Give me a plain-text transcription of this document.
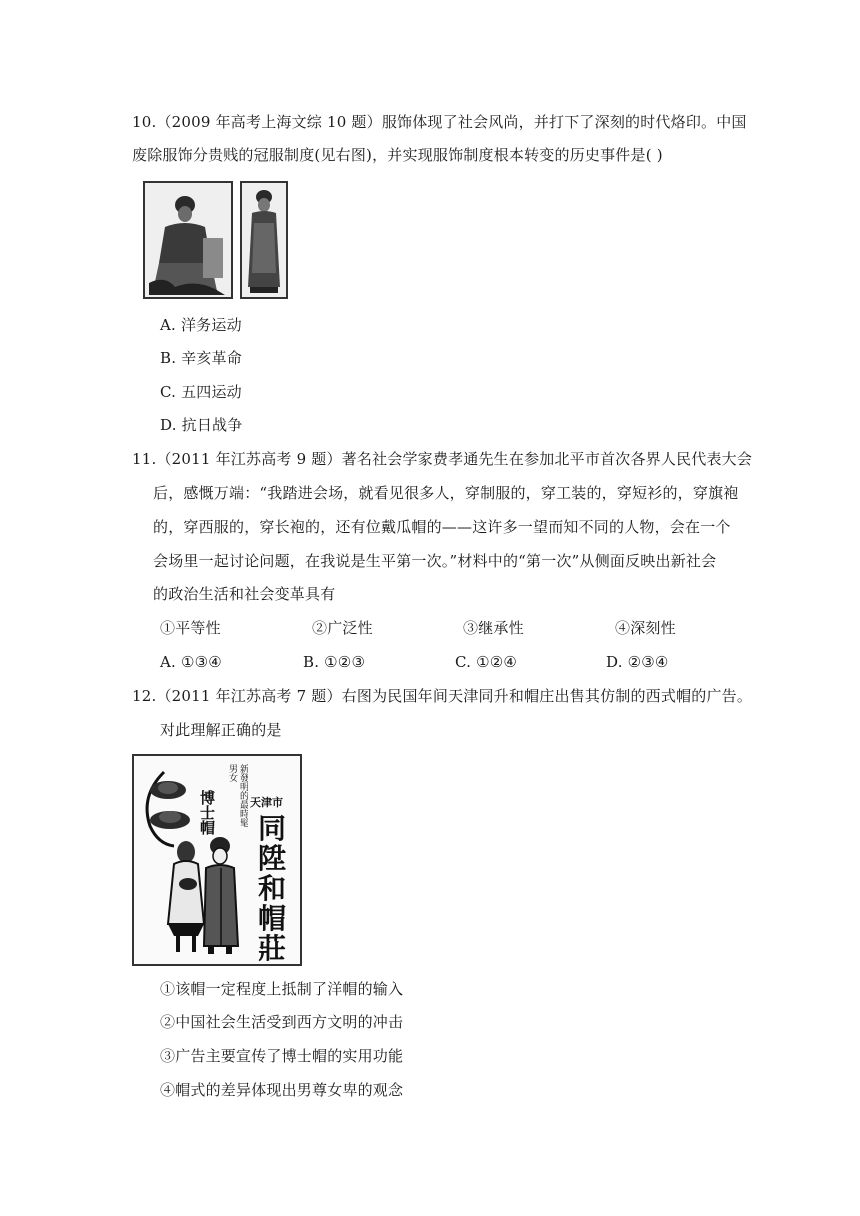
10.（2009 年高考上海文综 10 题）服饰体现了社会风尚，并打下了深刻的时代烙印。中国
废除服饰分贵贱的冠服制度(见右图)，并实现服饰制度根本转变的历史事件是( )
A. 洋务运动
B. 辛亥革命
C. 五四运动
D. 抗日战争
11.（2011 年江苏高考 9 题）著名社会学家费孝通先生在参加北平市首次各界人民代表大会
后，感慨万端：“我踏进会场，就看见很多人，穿制服的，穿工装的，穿短衫的，穿旗袍
的，穿西服的，穿长袍的，还有位戴瓜帽的——这许多一望而知不同的人物，会在一个
会场里一起讨论问题，在我说是生平第一次。”材料中的“第一次”从侧面反映出新社会
的政治生活和社会变革具有
①平等性	②广泛性	③继承性	④深刻性
A. ①③④	B. ①②③	C. ①②④	D. ②③④
12.（2011 年江苏高考 7 题）右图为民国年间天津同升和帽庄出售其仿制的西式帽的广告。
对此理解正确的是
博士帽	新發明的最時髦男女
天津市
同
陞
和
帽
莊
①该帽一定程度上抵制了洋帽的输入
②中国社会生活受到西方文明的冲击
③广告主要宣传了博士帽的实用功能
④帽式的差异体现出男尊女卑的观念
